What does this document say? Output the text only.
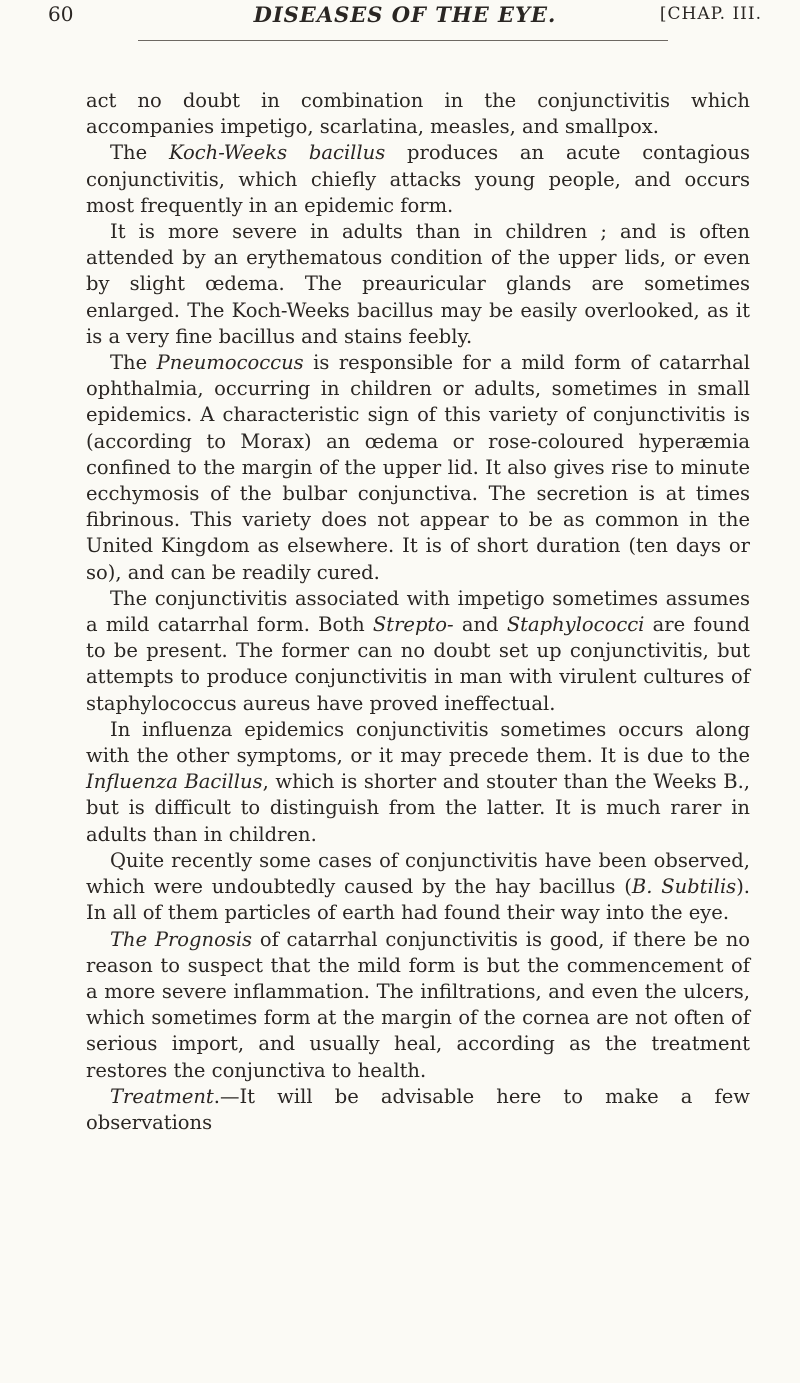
60	DISEASES OF THE EYE.	[CHAP. III.

act no doubt in combination in the conjunctivitis which accompanies impetigo, scarlatina, measles, and smallpox.

The Koch-Weeks bacillus produces an acute contagious conjunctivitis, which chiefly attacks young people, and occurs most frequently in an epidemic form.

It is more severe in adults than in children ; and is often attended by an erythematous condition of the upper lids, or even by slight œdema. The preauricular glands are sometimes enlarged. The Koch-Weeks bacillus may be easily overlooked, as it is a very fine bacillus and stains feebly.

The Pneumococcus is responsible for a mild form of catarrhal ophthalmia, occurring in children or adults, sometimes in small epidemics. A characteristic sign of this variety of conjunctivitis is (according to Morax) an œdema or rose-coloured hyperæmia confined to the margin of the upper lid. It also gives rise to minute ecchymosis of the bulbar conjunctiva. The secretion is at times fibrinous. This variety does not appear to be as common in the United Kingdom as elsewhere. It is of short duration (ten days or so), and can be readily cured.

The conjunctivitis associated with impetigo sometimes assumes a mild catarrhal form. Both Strepto- and Staphylococci are found to be present. The former can no doubt set up conjunctivitis, but attempts to produce conjunctivitis in man with virulent cultures of staphylococcus aureus have proved ineffectual.

In influenza epidemics conjunctivitis sometimes occurs along with the other symptoms, or it may precede them. It is due to the Influenza Bacillus, which is shorter and stouter than the Weeks B., but is difficult to distinguish from the latter. It is much rarer in adults than in children.

Quite recently some cases of conjunctivitis have been observed, which were undoubtedly caused by the hay bacillus (B. Subtilis). In all of them particles of earth had found their way into the eye.

The Prognosis of catarrhal conjunctivitis is good, if there be no reason to suspect that the mild form is but the commencement of a more severe inflammation. The infiltrations, and even the ulcers, which sometimes form at the margin of the cornea are not often of serious import, and usually heal, according as the treatment restores the conjunctiva to health.

Treatment.—It will be advisable here to make a few observations
